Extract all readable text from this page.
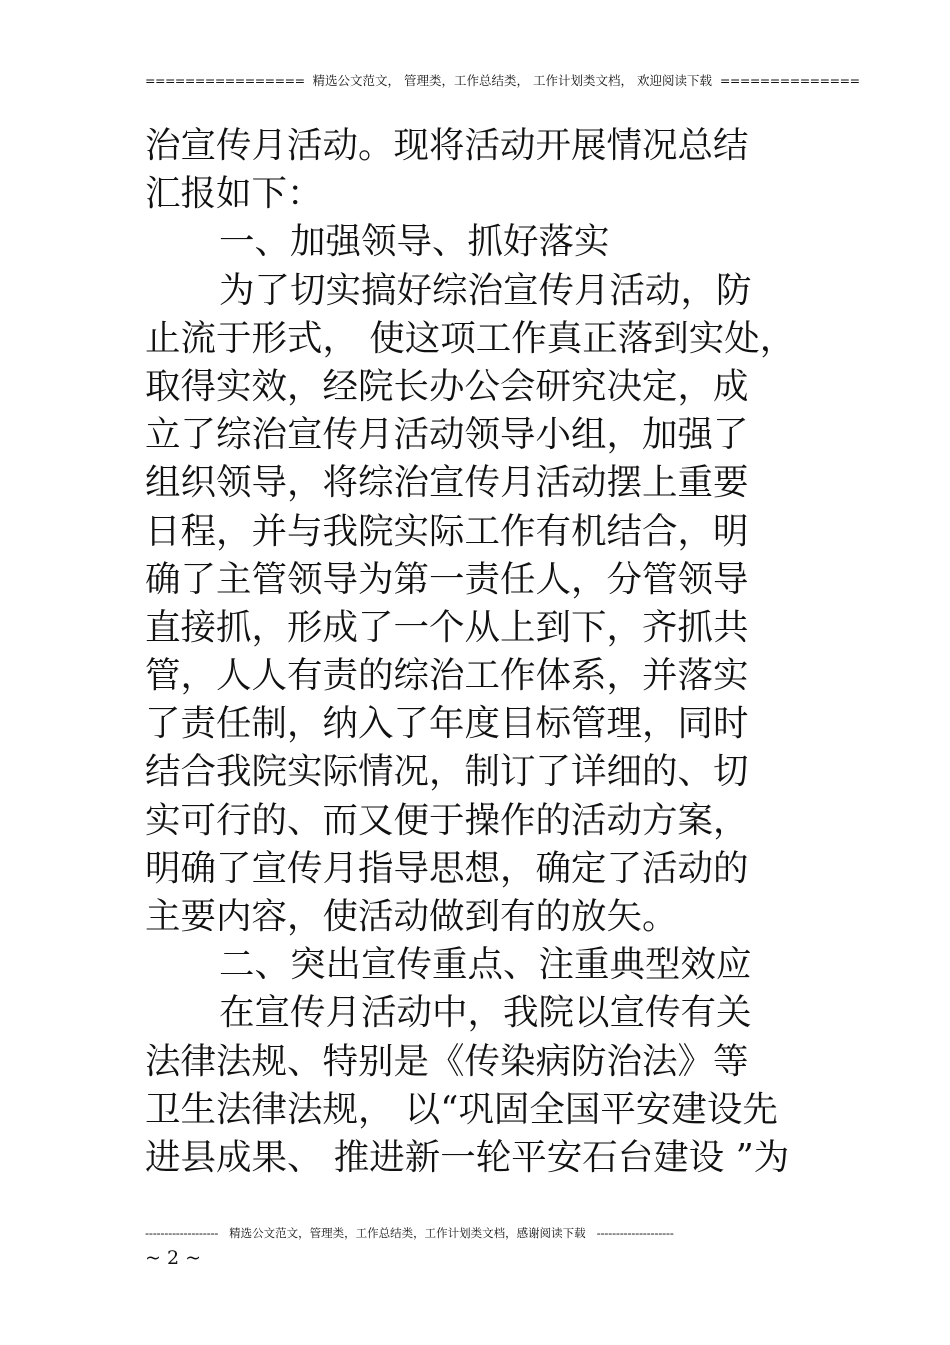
================ 精选公文范文， 管理类，工作总结类， 工作计划类文档， 欢迎阅读下载 ==============
治宣传月活动。现将活动开展情况总结
汇报如下：
一、加强领导、抓好落实
为了切实搞好综治宣传月活动，防
止流于形式， 使这项工作真正落到实处，
取得实效，经院长办公会研究决定，成
立了综治宣传月活动领导小组，加强了
组织领导，将综治宣传月活动摆上重要
日程，并与我院实际工作有机结合，明
确了主管领导为第一责任人，分管领导
直接抓，形成了一个从上到下，齐抓共
管，人人有责的综治工作体系，并落实
了责任制，纳入了年度目标管理，同时
结合我院实际情况，制订了详细的、切
实可行的、而又便于操作的活动方案，
明确了宣传月指导思想，确定了活动的
主要内容，使活动做到有的放矢。
二、突出宣传重点、注重典型效应
在宣传月活动中，我院以宣传有关
法律法规、特别是《传染病防治法》等
卫生法律法规， 以“巩固全国平安建设先
进县成果、 推进新一轮平安石台建设 ”为
------------------- 精选公文范文，管理类，工作总结类，工作计划类文档，感谢阅读下载 --------------------
~ 2 ~
